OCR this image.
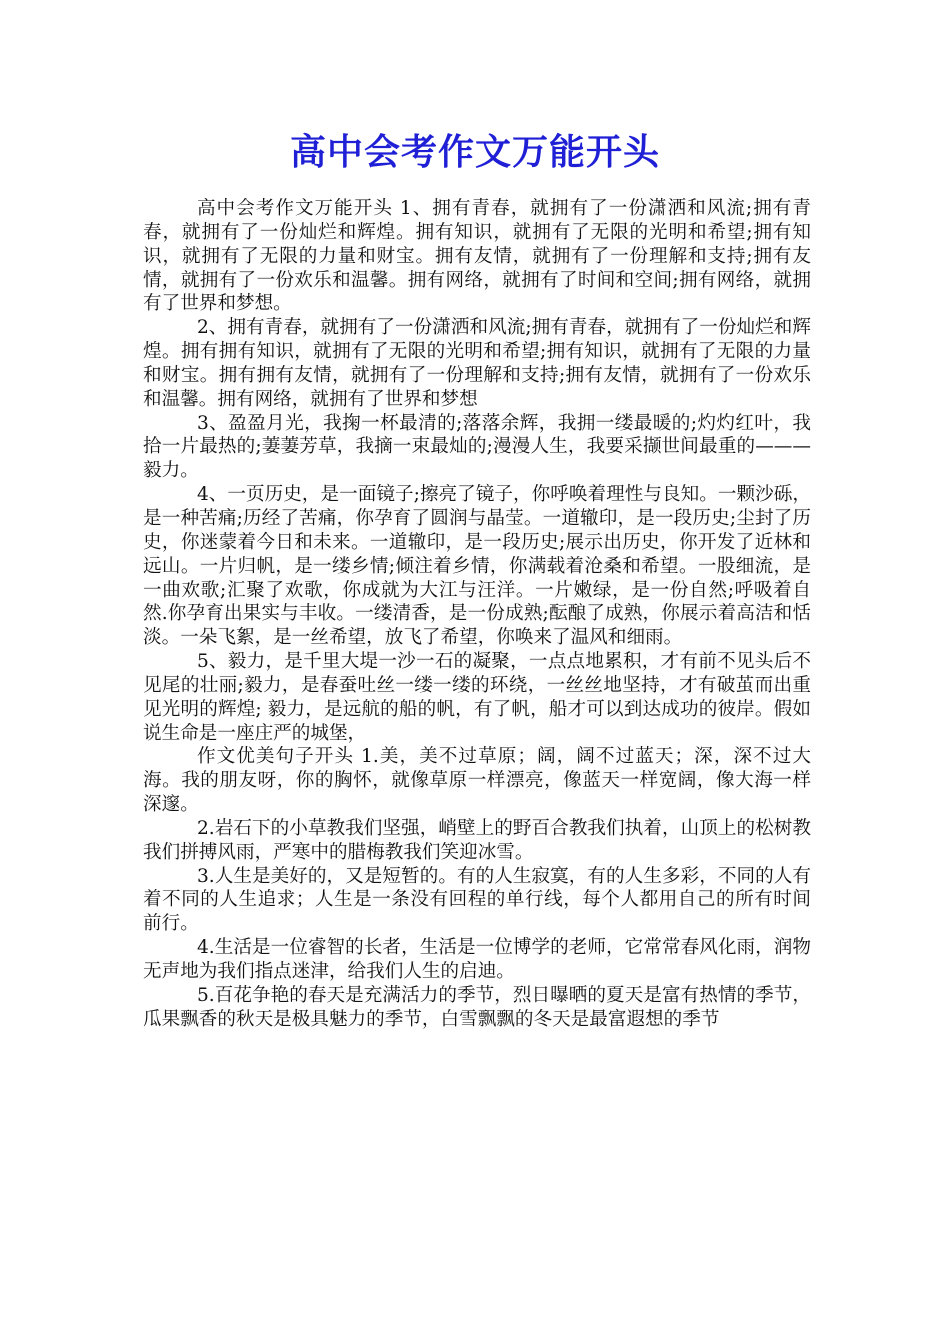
高中会考作文万能开头

高中会考作文万能开头 1、拥有青春，就拥有了一份潇洒和风流;拥有青春，就拥有了一份灿烂和辉煌。拥有知识，就拥有了无限的光明和希望;拥有知识，就拥有了无限的力量和财宝。拥有友情，就拥有了一份理解和支持;拥有友情，就拥有了一份欢乐和温馨。拥有网络，就拥有了时间和空间;拥有网络，就拥有了世界和梦想。

2、拥有青春，就拥有了一份潇洒和风流;拥有青春，就拥有了一份灿烂和辉煌。拥有拥有知识，就拥有了无限的光明和希望;拥有知识，就拥有了无限的力量和财宝。拥有拥有友情，就拥有了一份理解和支持;拥有友情，就拥有了一份欢乐和温馨。拥有网络，就拥有了世界和梦想

3、盈盈月光，我掬一杯最清的;落落余辉，我拥一缕最暖的;灼灼红叶，我拾一片最热的;萋萋芳草，我摘一束最灿的;漫漫人生，我要采撷世间最重的———毅力。

4、一页历史，是一面镜子;擦亮了镜子，你呼唤着理性与良知。一颗沙砾，是一种苦痛;历经了苦痛，你孕育了圆润与晶莹。一道辙印，是一段历史;尘封了历史，你迷蒙着今日和未来。一道辙印，是一段历史;展示出历史，你开发了近林和远山。一片归帆，是一缕乡情;倾注着乡情，你满载着沧桑和希望。一股细流，是一曲欢歌;汇聚了欢歌，你成就为大江与汪洋。一片嫩绿，是一份自然;呼吸着自然.你孕育出果实与丰收。一缕清香，是一份成熟;酝酿了成熟，你展示着高洁和恬淡。一朵飞絮，是一丝希望，放飞了希望，你唤来了温风和细雨。

5、毅力，是千里大堤一沙一石的凝聚，一点点地累积，才有前不见头后不见尾的壮丽;毅力，是春蚕吐丝一缕一缕的环绕，一丝丝地坚持，才有破茧而出重见光明的辉煌; 毅力，是远航的船的帆，有了帆，船才可以到达成功的彼岸。假如说生命是一座庄严的城堡，

作文优美句子开头 1.美，美不过草原；阔，阔不过蓝天；深，深不过大海。我的朋友呀，你的胸怀，就像草原一样漂亮，像蓝天一样宽阔，像大海一样深邃。

2.岩石下的小草教我们坚强，峭壁上的野百合教我们执着，山顶上的松树教我们拼搏风雨，严寒中的腊梅教我们笑迎冰雪。

3.人生是美好的，又是短暂的。有的人生寂寞，有的人生多彩，不同的人有着不同的人生追求；人生是一条没有回程的单行线，每个人都用自己的所有时间前行。

4.生活是一位睿智的长者，生活是一位博学的老师，它常常春风化雨，润物无声地为我们指点迷津，给我们人生的启迪。

5.百花争艳的春天是充满活力的季节，烈日曝晒的夏天是富有热情的季节，瓜果飘香的秋天是极具魅力的季节，白雪飘飘的冬天是最富遐想的季节
